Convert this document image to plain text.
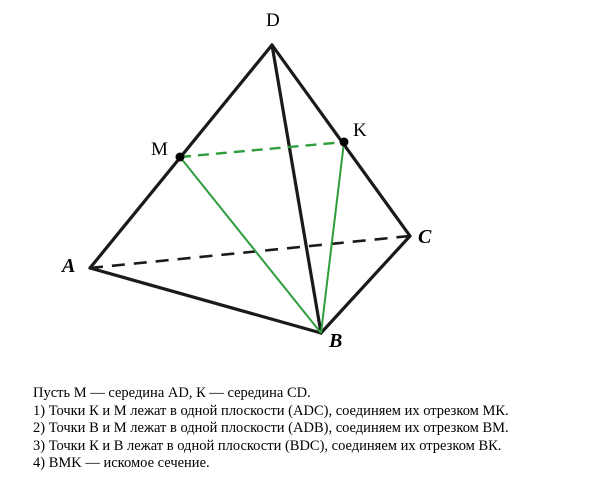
D
M
K
C
A
B
Пусть М — середина АD, К — середина СD.
1) Точки К и М лежат в одной плоскости (ADC), соединяем их отрезком МК.
2) Точки B и М лежат в одной плоскости (ADB), соединяем их отрезком BМ.
3) Точки К и B лежат в одной плоскости (BDC), соединяем их отрезком BК.
4) BMK — искомое сечение.
